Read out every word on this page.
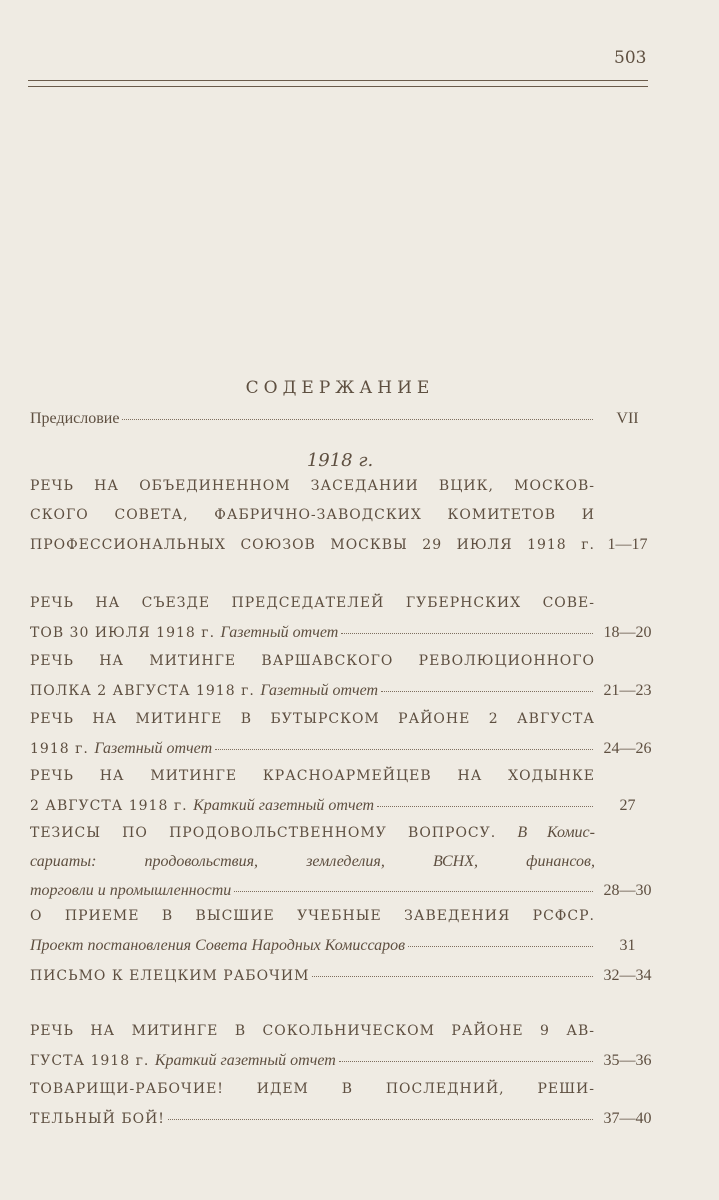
503
СОДЕРЖАНИЕ
Предисловие	VII
1918 г.
РЕЧЬ НА ОБЪЕДИНЕННОМ ЗАСЕДАНИИ ВЦИК, МОСКОВ-
СКОГО СОВЕТА, ФАБРИЧНО-ЗАВОДСКИХ КОМИТЕТОВ И
ПРОФЕССИОНАЛЬНЫХ СОЮЗОВ МОСКВЫ 29 ИЮЛЯ 1918 г. 1—17
РЕЧЬ НА СЪЕЗДЕ ПРЕДСЕДАТЕЛЕЙ ГУБЕРНСКИХ СОВЕ-
ТОВ 30 ИЮЛЯ 1918 г. Газетный отчет	18—20
РЕЧЬ НА МИТИНГЕ ВАРШАВСКОГО РЕВОЛЮЦИОННОГО
ПОЛКА 2 АВГУСТА 1918 г. Газетный отчет	21—23
РЕЧЬ НА МИТИНГЕ В БУТЫРСКОМ РАЙОНЕ 2 АВГУСТА
1918 г. Газетный отчет	24—26
РЕЧЬ НА МИТИНГЕ КРАСНОАРМЕЙЦЕВ НА ХОДЫНКЕ
2 АВГУСТА 1918 г. Краткий газетный отчет	27
ТЕЗИСЫ ПО ПРОДОВОЛЬСТВЕННОМУ ВОПРОСУ. В Комис-
сариаты: продовольствия, земледелия, ВСНХ, финансов,
торговли и промышленности	28—30
О ПРИЕМЕ В ВЫСШИЕ УЧЕБНЫЕ ЗАВЕДЕНИЯ РСФСР.
Проект постановления Совета Народных Комиссаров	31
ПИСЬМО К ЕЛЕЦКИМ РАБОЧИМ	32—34
РЕЧЬ НА МИТИНГЕ В СОКОЛЬНИЧЕСКОМ РАЙОНЕ 9 АВ-
ГУСТА 1918 г. Краткий газетный отчет	35—36
ТОВАРИЩИ-РАБОЧИЕ! ИДЕМ В ПОСЛЕДНИЙ, РЕШИ-
ТЕЛЬНЫЙ БОЙ!	37—40
